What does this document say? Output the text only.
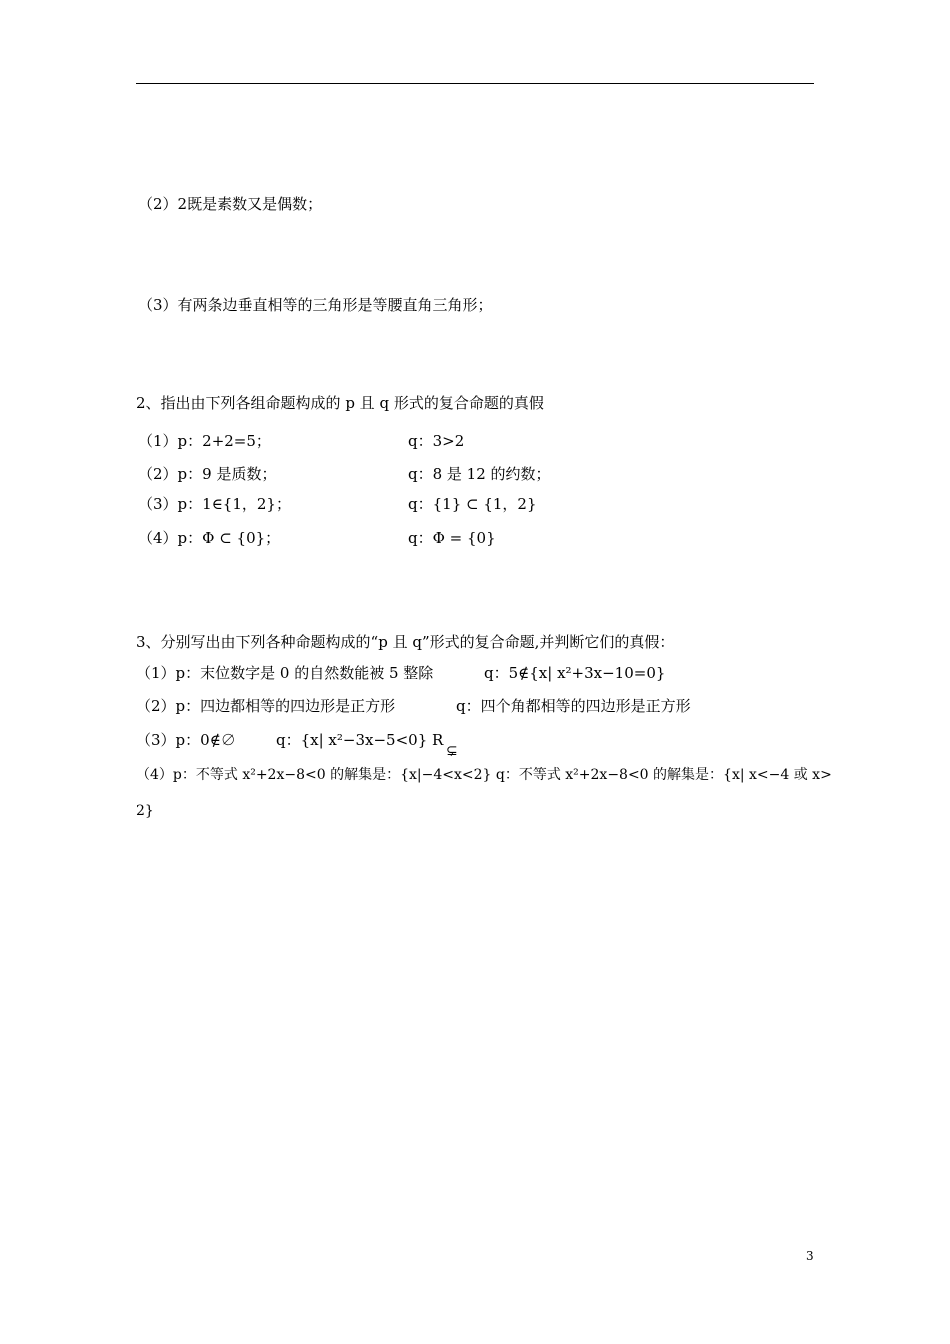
（2）2既是素数又是偶数；
（3）有两条边垂直相等的三角形是等腰直角三角形；
2、指出由下列各组命题构成的 p 且 q 形式的复合命题的真假
（1）p：2+2=5；	q：3>2
（2）p：9 是质数；	q：8 是 12 的约数；
（3）p：1∈{1，2}；	q：{1} ⊂ {1，2}
（4）p：Φ ⊂ {0}；	q：Φ = {0}
3、分别写出由下列各种命题构成的“p 且 q”形式的复合命题,并判断它们的真假：
（1）p：末位数字是 0 的自然数能被 5 整除	q：5∉{x| x²+3x−10=0}
（2）p：四边都相等的四边形是正方形	q：四个角都相等的四边形是正方形
（3）p：0∉∅	q：{x| x²−3x−5<0} R
⊊
（4）p：不等式 x²+2x−8<0 的解集是：{x|−4<x<2} q：不等式 x²+2x−8<0 的解集是：{x| x<−4 或 x>
2}
3
